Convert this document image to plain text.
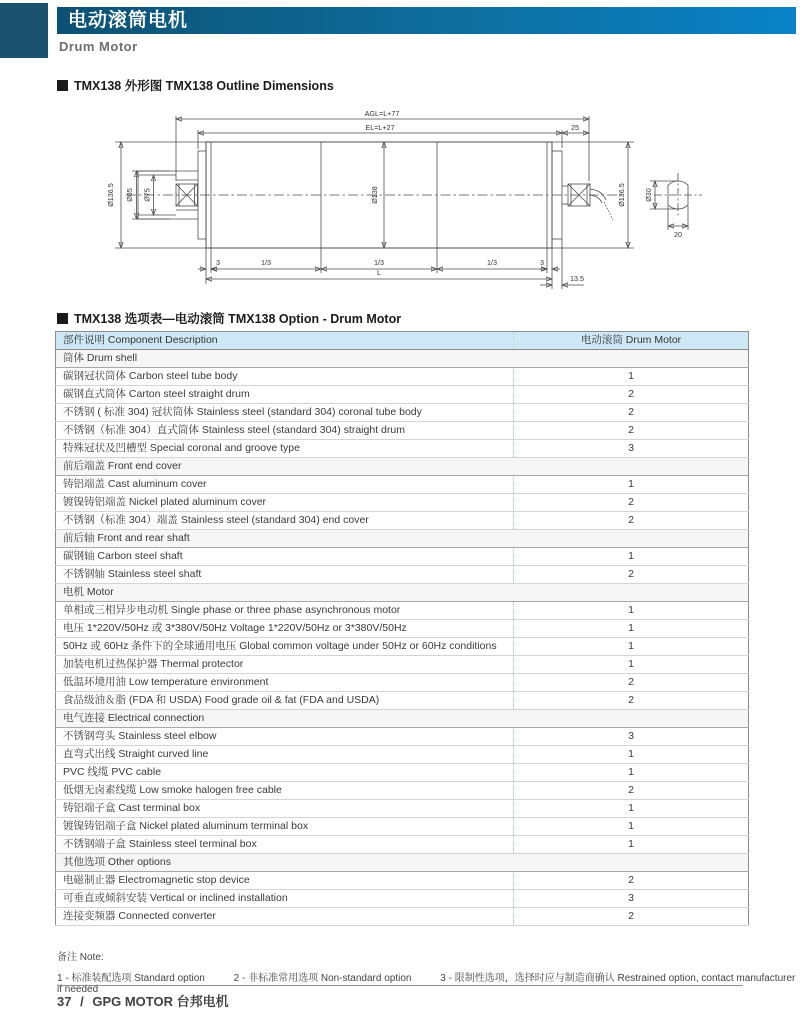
电动滚筒电机
Drum Motor
TMX138 外形图 TMX138 Outline Dimensions
AGL=L+77
EL=L+27	25
Ø136.5 Ø85 Ø75	Ø138	Ø136.5	Ø30
20
3	1/3	1/3	1/3	3
L
13.5
TMX138 选项表—电动滚筒 TMX138 Option - Drum Motor
部件说明 Component Description	电动滚筒 Drum Motor
筒体 Drum shell	
碳钢冠状筒体 Carbon steel tube body	1
碳钢直式筒体 Carton steel straight drum	2
不锈钢 ( 标准 304) 冠状筒体 Stainless steel (standard 304) coronal tube body	2
不锈钢（标准 304）直式筒体 Stainless steel (standard 304) straight drum	2
特殊冠状及凹槽型 Special coronal and groove type	3
前后端盖 Front end cover	
铸铝端盖 Cast aluminum cover	1
镀镍铸铝端盖 Nickel plated aluminum cover	2
不锈钢（标准 304）端盖 Stainless steel (standard 304) end cover	2
前后轴 Front and rear shaft	
碳钢轴 Carbon steel shaft	1
不锈钢轴 Stainless steel shaft	2
电机 Motor	
单相或三相异步电动机 Single phase or three phase asynchronous motor	1
电压 1*220V/50Hz 或 3*380V/50Hz Voltage 1*220V/50Hz or 3*380V/50Hz	1
50Hz 或 60Hz 条件下的全球通用电压 Global common voltage under 50Hz or 60Hz conditions	1
加装电机过热保护器 Thermal protector	1
低温环境用油 Low temperature environment	2
食品级油＆脂 (FDA 和 USDA) Food grade oil & fat (FDA and USDA)	2
电气连接 Electrical connection	
不锈钢弯头 Stainless steel elbow	3
直弯式出线 Straight curved line	1
PVC 线缆 PVC cable	1
低烟无卤素线缆 Low smoke halogen free cable	2
铸铝端子盒 Cast terminal box	1
镀镍铸铝端子盒 Nickel plated aluminum terminal box	1
不锈钢端子盒 Stainless steel terminal box	1
其他选项 Other options	
电磁制止器 Electromagnetic stop device	2
可垂直或倾斜安装 Vertical or inclined installation	3
连接变频器 Connected converter	2
备注 Note:
1 - 标准装配选项 Standard option	2 - 非标准常用选项 Non-standard option	3 - 限制性选项，选择时应与制造商确认 Restrained option, contact manufacturer if needed
37 / GPG MOTOR 台邦电机
